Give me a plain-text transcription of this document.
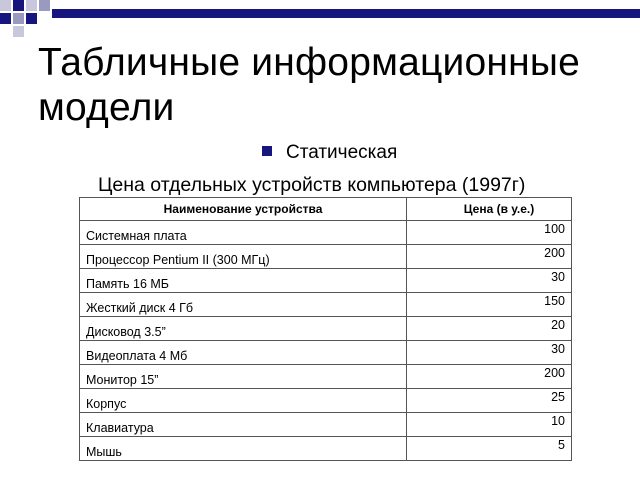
Табличные информационные модели
Статическая
Цена отдельных устройств компьютера (1997г)
Наименование устройства	Цена (в у.е.)
Системная плата	100
Процессор Pentium II (300 МГц)	200
Память 16 МБ	30
Жесткий диск 4 Гб	150
Дисковод 3.5”	20
Видеоплата 4 Мб	30
Монитор 15”	200
Корпус	25
Клавиатура	10
Мышь	5
